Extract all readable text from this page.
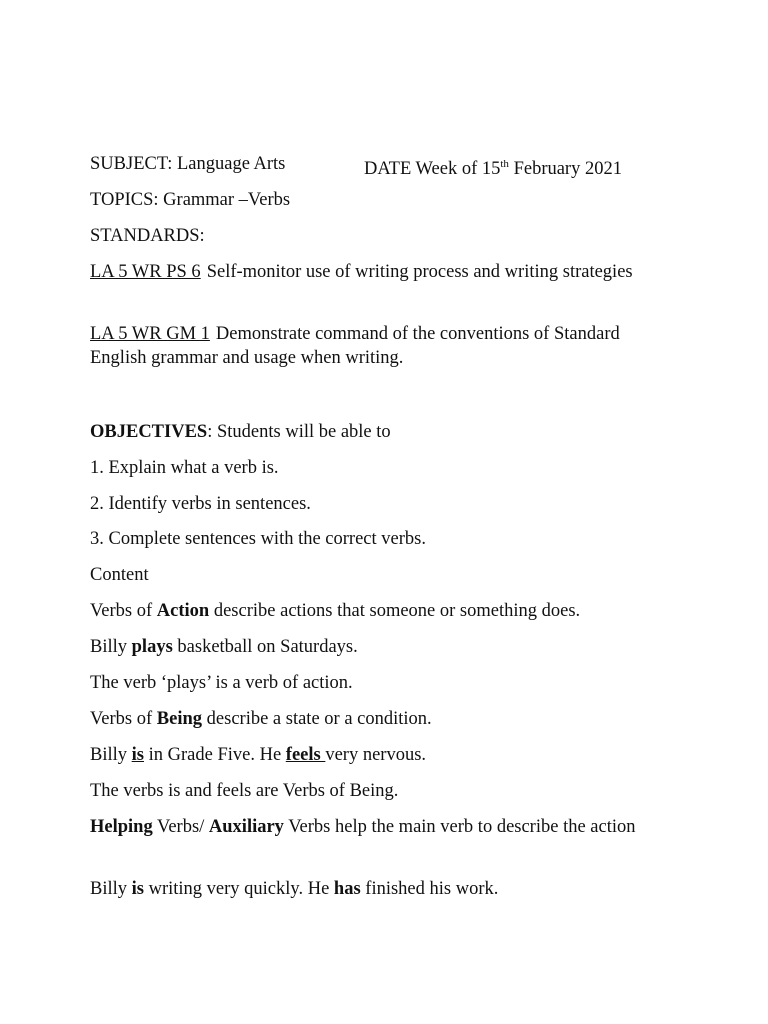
SUBJECT: Language Arts	DATE Week of 15th February 2021
TOPICS: Grammar –Verbs
STANDARDS:
LA 5 WR PS 6 Self-monitor use of writing process and writing strategies
LA 5 WR GM 1 Demonstrate command of the conventions of Standard English grammar and usage when writing.
OBJECTIVES: Students will be able to
1. Explain what a verb is.
2. Identify verbs in sentences.
3. Complete sentences with the correct verbs.
Content
Verbs of Action describe actions that someone or something does.
Billy plays basketball on Saturdays.
The verb ‘plays’ is a verb of action.
Verbs of Being describe a state or a condition.
Billy is in Grade Five. He feels very nervous.
The verbs is and feels are Verbs of Being.
Helping Verbs/ Auxiliary Verbs help the main verb to describe the action
Billy is writing very quickly. He has finished his work.
